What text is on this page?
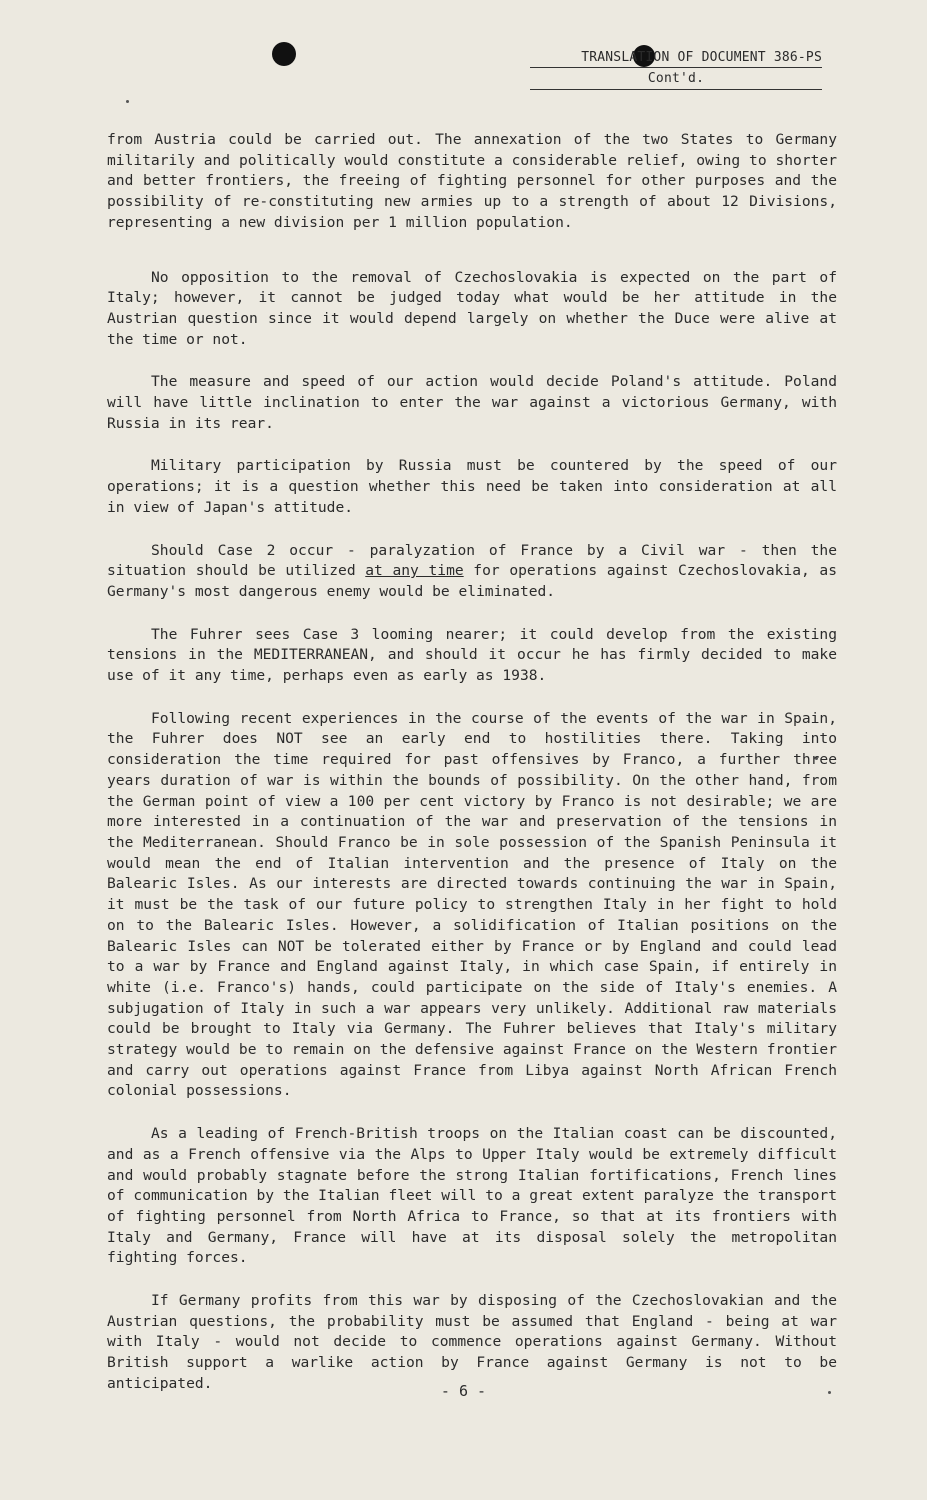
TRANSLATION OF DOCUMENT 386-PS
Cont'd.

from Austria could be carried out. The annexation of the two States to Germany militarily and politically would constitute a considerable relief, owing to shorter and better frontiers, the freeing of fighting personnel for other purposes and the possibility of re-constituting new armies up to a strength of about 12 Divisions, representing a new division per 1 million population.

No opposition to the removal of Czechoslovakia is expected on the part of Italy; however, it cannot be judged today what would be her attitude in the Austrian question since it would depend largely on whether the Duce were alive at the time or not.

The measure and speed of our action would decide Poland's attitude. Poland will have little inclination to enter the war against a victorious Germany, with Russia in its rear.

Military participation by Russia must be countered by the speed of our operations; it is a question whether this need be taken into consideration at all in view of Japan's attitude.

Should Case 2 occur - paralyzation of France by a Civil war - then the situation should be utilized at any time for operations against Czechoslovakia, as Germany's most dangerous enemy would be eliminated.

The Fuhrer sees Case 3 looming nearer; it could develop from the existing tensions in the MEDITERRANEAN, and should it occur he has firmly decided to make use of it any time, perhaps even as early as 1938.

Following recent experiences in the course of the events of the war in Spain, the Fuhrer does NOT see an early end to hostilities there. Taking into consideration the time required for past offensives by Franco, a further three years duration of war is within the bounds of possibility. On the other hand, from the German point of view a 100 per cent victory by Franco is not desirable; we are more interested in a continuation of the war and preservation of the tensions in the Mediterranean. Should Franco be in sole possession of the Spanish Peninsula it would mean the end of Italian intervention and the presence of Italy on the Balearic Isles. As our interests are directed towards continuing the war in Spain, it must be the task of our future policy to strengthen Italy in her fight to hold on to the Balearic Isles. However, a solidification of Italian positions on the Balearic Isles can NOT be tolerated either by France or by England and could lead to a war by France and England against Italy, in which case Spain, if entirely in white (i.e. Franco's) hands, could participate on the side of Italy's enemies. A subjugation of Italy in such a war appears very unlikely. Additional raw materials could be brought to Italy via Germany. The Fuhrer believes that Italy's military strategy would be to remain on the defensive against France on the Western frontier and carry out operations against France from Libya against North African French colonial possessions.

As a leading of French-British troops on the Italian coast can be discounted, and as a French offensive via the Alps to Upper Italy would be extremely difficult and would probably stagnate before the strong Italian fortifications, French lines of communication by the Italian fleet will to a great extent paralyze the transport of fighting personnel from North Africa to France, so that at its frontiers with Italy and Germany, France will have at its disposal solely the metropolitan fighting forces.

If Germany profits from this war by disposing of the Czechoslovakian and the Austrian questions, the probability must be assumed that England - being at war with Italy - would not decide to commence operations against Germany. Without British support a warlike action by France against Germany is not to be anticipated.	- 6 -
